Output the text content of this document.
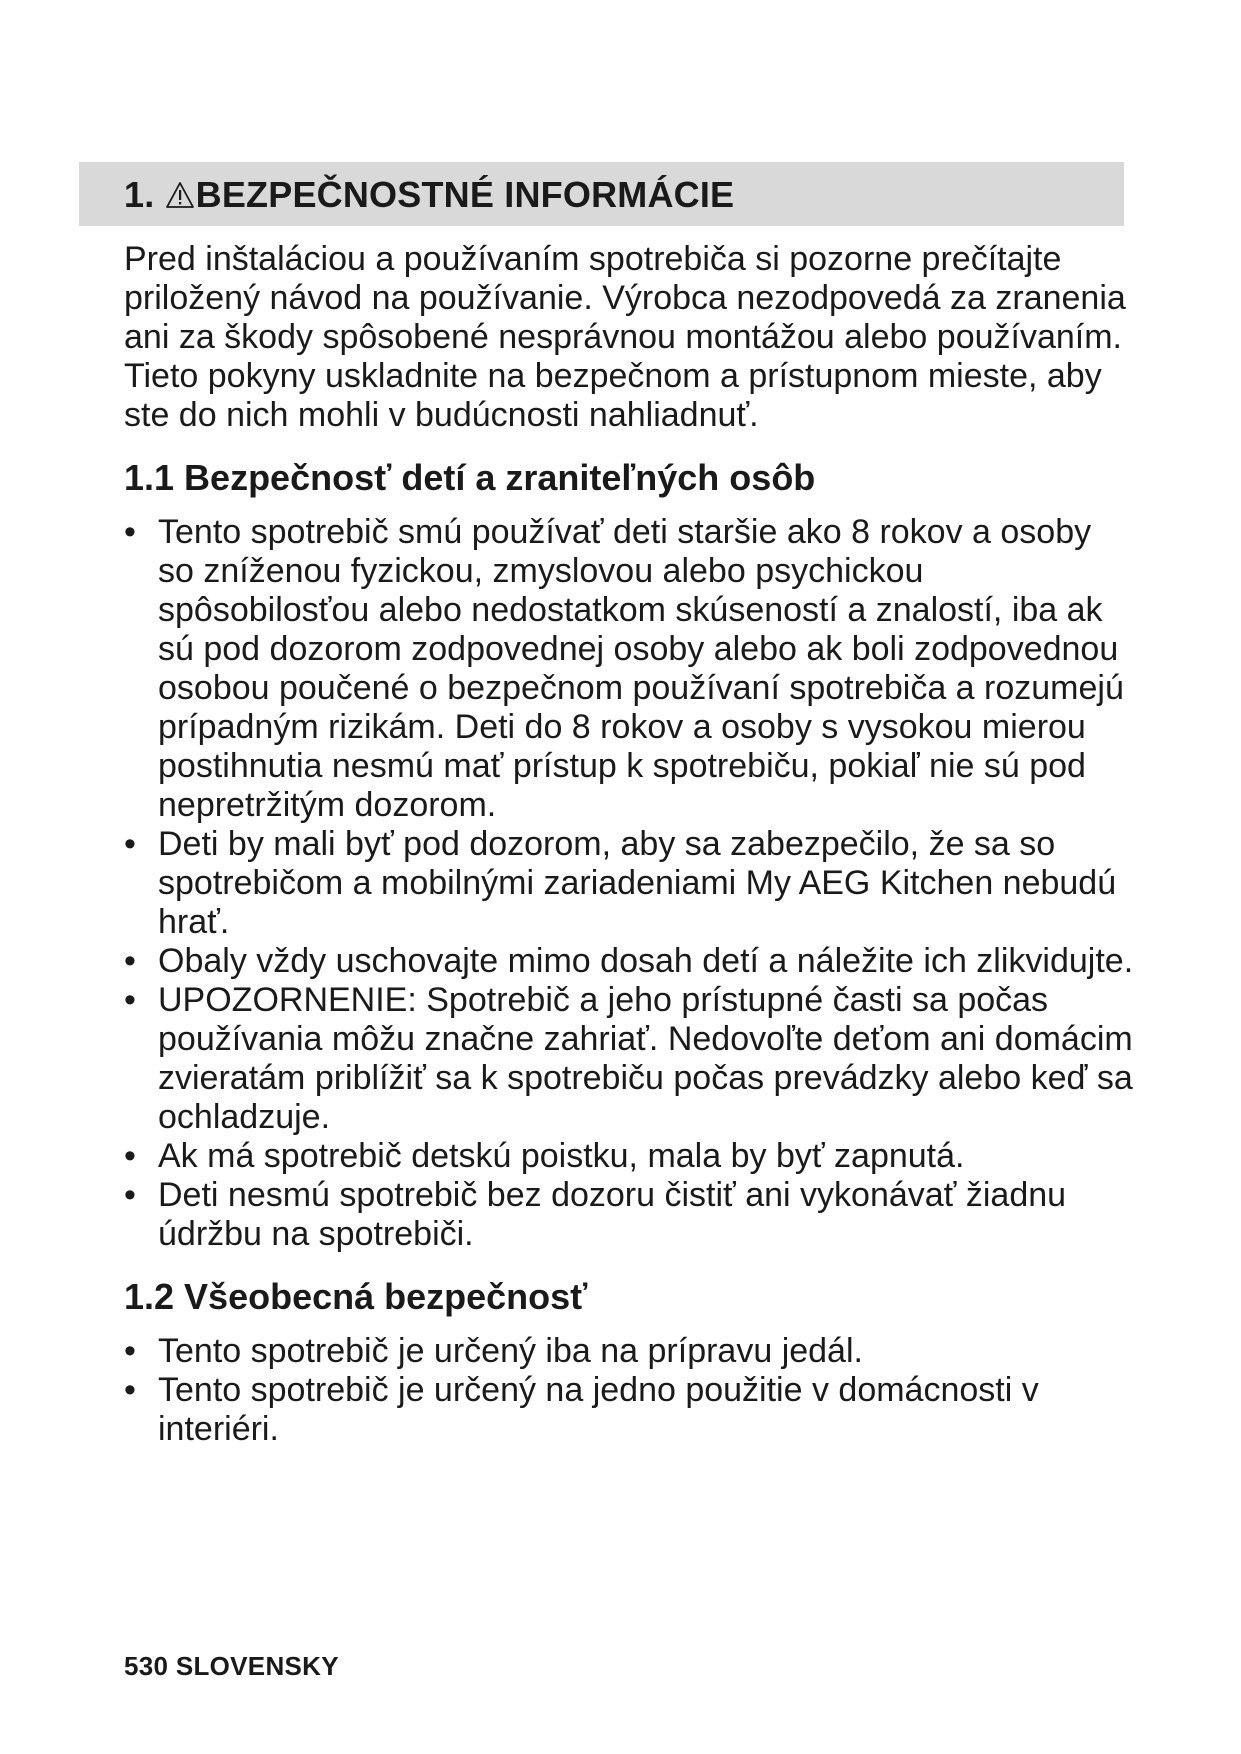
1. BEZPEČNOSTNÉ INFORMÁCIE

Pred inštaláciou a používaním spotrebiča si pozorne prečítajte priložený návod na používanie. Výrobca nezodpovedá za zranenia ani za škody spôsobené nesprávnou montážou alebo používaním. Tieto pokyny uskladnite na bezpečnom a prístupnom mieste, aby ste do nich mohli v budúcnosti nahliadnuť.

1.1 Bezpečnosť detí a zraniteľných osôb
• Tento spotrebič smú používať deti staršie ako 8 rokov a osoby so zníženou fyzickou, zmyslovou alebo psychickou spôsobilosťou alebo nedostatkom skúseností a znalostí, iba ak sú pod dozorom zodpovednej osoby alebo ak boli zodpovednou osobou poučené o bezpečnom používaní spotrebiča a rozumejú prípadným rizikám. Deti do 8 rokov a osoby s vysokou mierou postihnutia nesmú mať prístup k spotrebiču, pokiaľ nie sú pod nepretržitým dozorom.
• Deti by mali byť pod dozorom, aby sa zabezpečilo, že sa so spotrebičom a mobilnými zariadeniami My AEG Kitchen nebudú hrať.
• Obaly vždy uschovajte mimo dosah detí a náležite ich zlikvidujte.
• UPOZORNENIE: Spotrebič a jeho prístupné časti sa počas používania môžu značne zahriať. Nedovoľte deťom ani domácim zvieratám priblížiť sa k spotrebiču počas prevádzky alebo keď sa ochladzuje.
• Ak má spotrebič detskú poistku, mala by byť zapnutá.
• Deti nesmú spotrebič bez dozoru čistiť ani vykonávať žiadnu údržbu na spotrebiči.
1.2 Všeobecná bezpečnosť
• Tento spotrebič je určený iba na prípravu jedál.
• Tento spotrebič je určený na jedno použitie v domácnosti v interiéri.

530 SLOVENSKY
